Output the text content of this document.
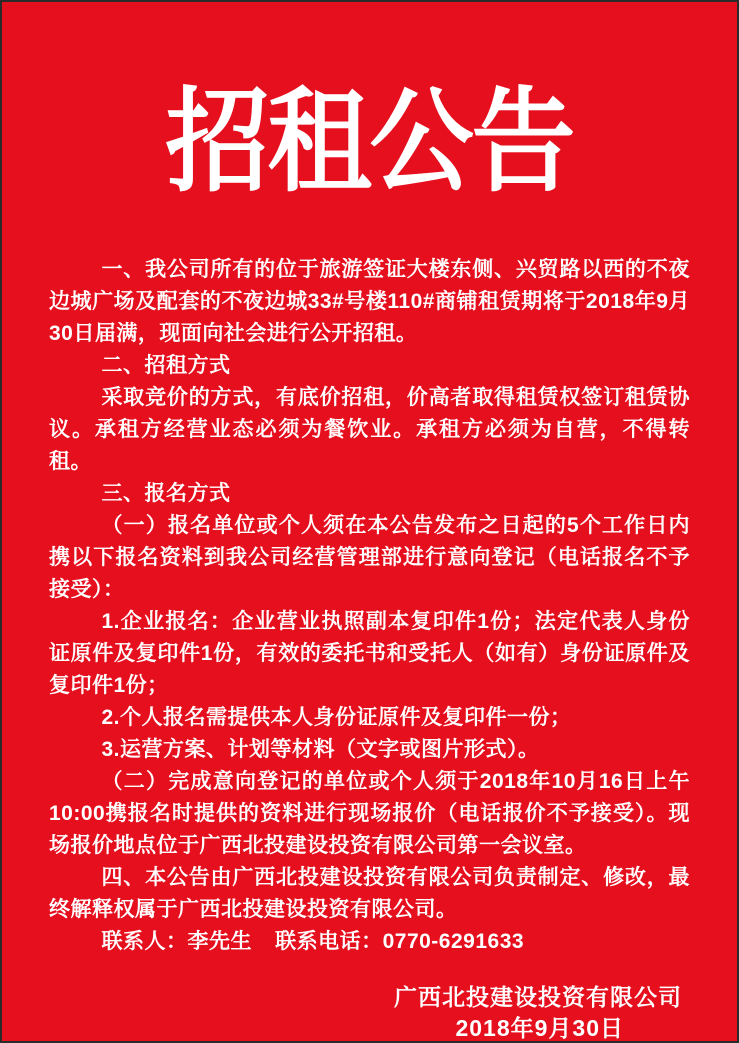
招租公告

一、我公司所有的位于旅游签证大楼东侧、兴贸路以西的不夜边城广场及配套的不夜边城33#号楼110#商铺租赁期将于2018年9月30日届满，现面向社会进行公开招租。

二、招租方式

采取竞价的方式，有底价招租，价高者取得租赁权签订租赁协议。承租方经营业态必须为餐饮业。承租方必须为自营，不得转租。

三、报名方式

（一）报名单位或个人须在本公告发布之日起的5个工作日内携以下报名资料到我公司经营管理部进行意向登记（电话报名不予接受）：

1.企业报名：企业营业执照副本复印件1份；法定代表人身份证原件及复印件1份，有效的委托书和受托人（如有）身份证原件及复印件1份；

2.个人报名需提供本人身份证原件及复印件一份；

3.运营方案、计划等材料（文字或图片形式）。

（二）完成意向登记的单位或个人须于2018年10月16日上午10:00携报名时提供的资料进行现场报价（电话报价不予接受）。现场报价地点位于广西北投建设投资有限公司第一会议室。

四、本公告由广西北投建设投资有限公司负责制定、修改，最终解释权属于广西北投建设投资有限公司。

联系人：李先生 联系电话：0770-6291633

广西北投建设投资有限公司

2018年9月30日
